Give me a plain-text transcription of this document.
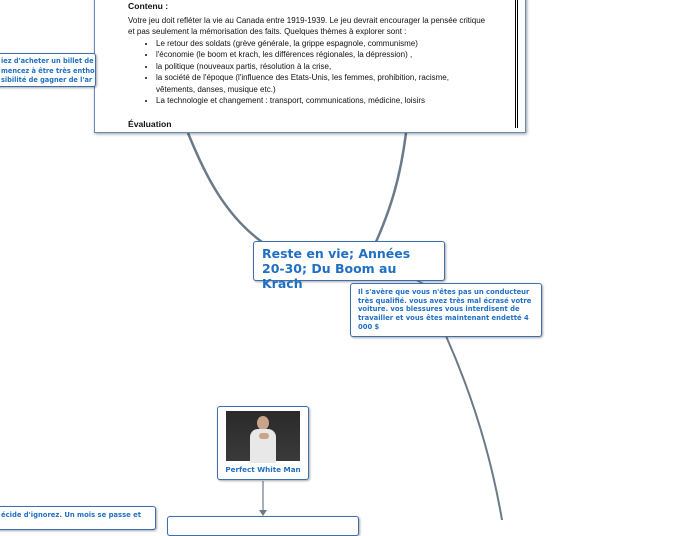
Contenu :

Votre jeu doit refléter la vie au Canada entre 1919-1939. Le jeu devrait encourager la pensée critique et pas seulement la mémorisation des faits. Quelques thèmes à explorer sont :

• Le retour des soldats (grève générale, la grippe espagnole, communisme)
• l'économie (le boom et krach, les différences régionales, la dépression) ,
• la politique (nouveaux partis, résolution à la crise,
• la société de l'époque (l'influence des Etats-Unis, les femmes, prohibition, racisme, vêtements, danses, musique etc.)
• La technologie et changement : transport, communications, médicine, loisirs
Évaluation
iez d'acheter un billet de
mencez à être très entho
sibilité de gagner de l'ar
Reste en vie; Années 20-30; Du Boom au Krach
Il s'avère que vous n'êtes pas un conducteur très qualifié. vous avez très mal écrasé votre voiture. vos blessures vous interdisent de travailler et vous êtes maintenant endetté 4 000 $
Perfect White Man
écide d'ignorez. Un mois se passe et
